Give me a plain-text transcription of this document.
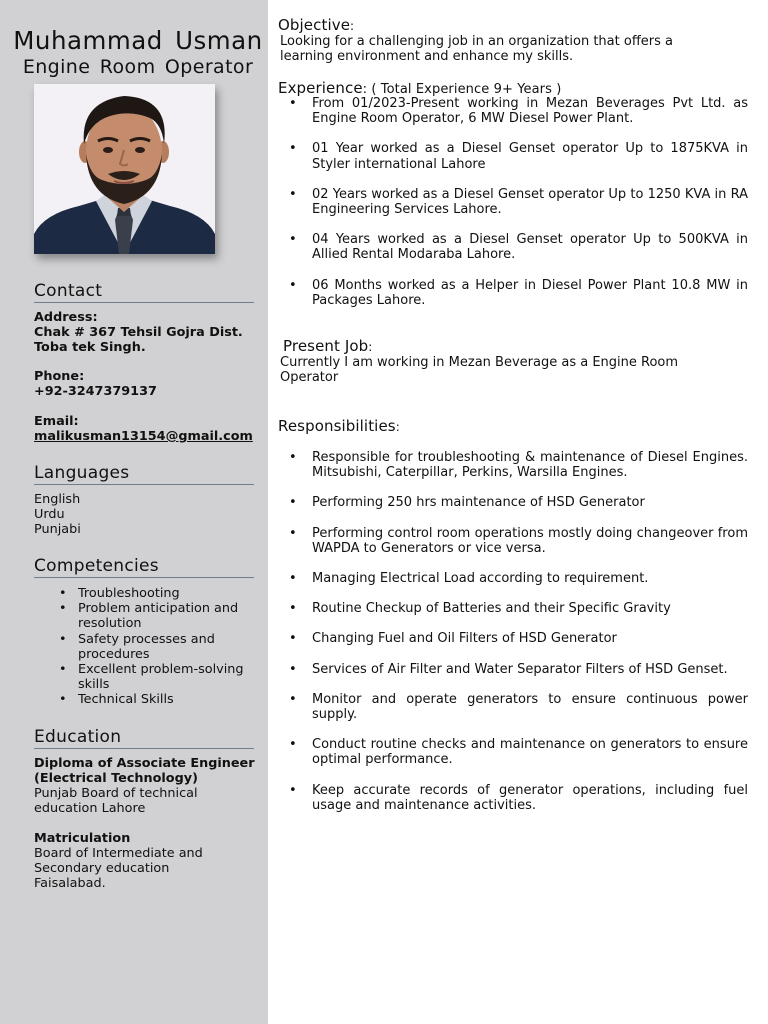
Muhammad Usman
Engine Room Operator
Contact
Address:
Chak # 367 Tehsil Gojra Dist.
Toba tek Singh.
Phone:
+92-3247379137
Email:
malikusman13154@gmail.com
Languages
English
Urdu
Punjabi
Competencies
• Troubleshooting
• Problem anticipation and resolution
• Safety processes and procedures
• Excellent problem-solving skills
• Technical Skills
Education
Diploma of Associate Engineer (Electrical Technology)
Punjab Board of technical education Lahore
Matriculation
Board of Intermediate and Secondary education Faisalabad.
Objective:
Looking for a challenging job in an organization that offers a learning environment and enhance my skills.
Experience: ( Total Experience 9+ Years )
• From 01/2023-Present working in Mezan Beverages Pvt Ltd. as Engine Room Operator, 6 MW Diesel Power Plant.
• 01 Year worked as a Diesel Genset operator Up to 1875KVA in Styler international Lahore
• 02 Years worked as a Diesel Genset operator Up to 1250 KVA in RA Engineering Services Lahore.
• 04 Years worked as a Diesel Genset operator Up to 500KVA in Allied Rental Modaraba Lahore.
• 06 Months worked as a Helper in Diesel Power Plant 10.8 MW in Packages Lahore.
Present Job:
Currently I am working in Mezan Beverage as a Engine Room Operator
Responsibilities:
• Responsible for troubleshooting & maintenance of Diesel Engines. Mitsubishi, Caterpillar, Perkins, Warsilla Engines.
• Performing 250 hrs maintenance of HSD Generator
• Performing control room operations mostly doing changeover from WAPDA to Generators or vice versa.
• Managing Electrical Load according to requirement.
• Routine Checkup of Batteries and their Specific Gravity
• Changing Fuel and Oil Filters of HSD Generator
• Services of Air Filter and Water Separator Filters of HSD Genset.
• Monitor and operate generators to ensure continuous power supply.
• Conduct routine checks and maintenance on generators to ensure optimal performance.
• Keep accurate records of generator operations, including fuel usage and maintenance activities.
